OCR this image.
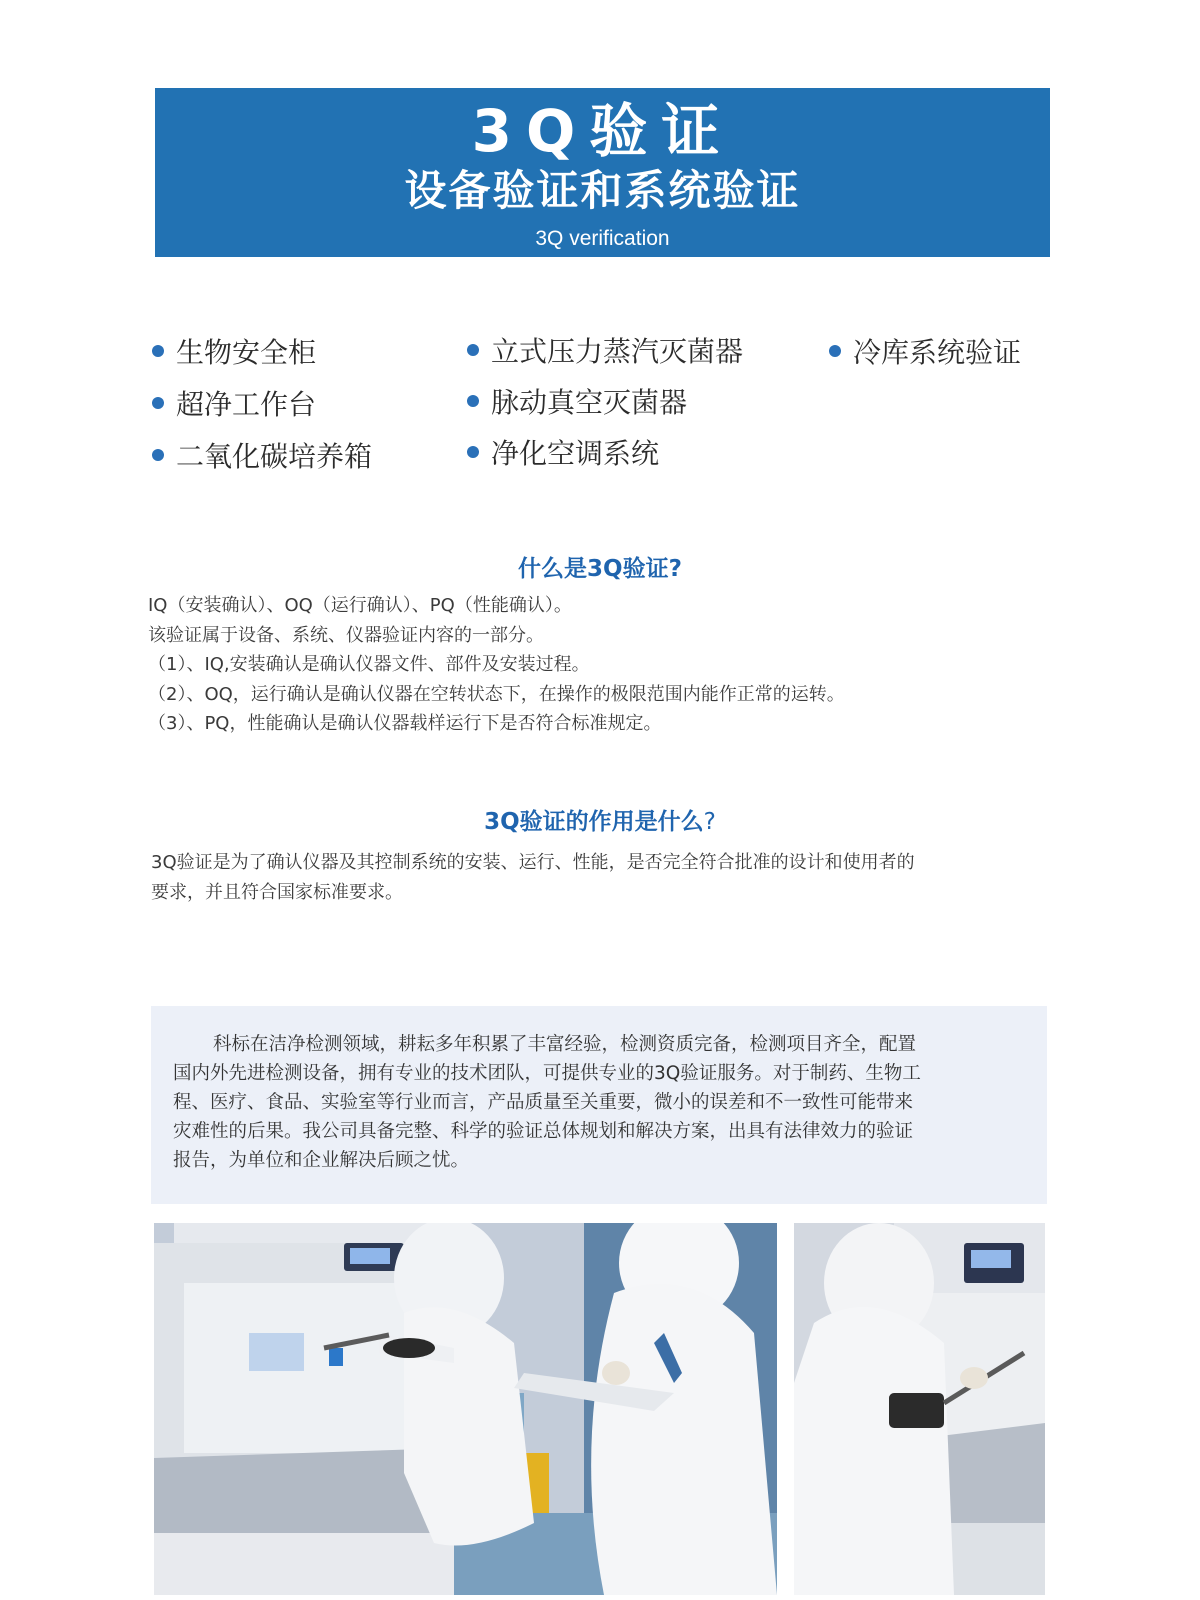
3Q验证
设备验证和系统验证
3Q verification
生物安全柜
超净工作台
二氧化碳培养箱
立式压力蒸汽灭菌器
脉动真空灭菌器
净化空调系统
冷库系统验证
什么是3Q验证?
IQ（安装确认）、OQ（运行确认）、PQ（性能确认）。
该验证属于设备、系统、仪器验证内容的一部分。
（1）、IQ,安装确认是确认仪器文件、部件及安装过程。
（2）、OQ，运行确认是确认仪器在空转状态下，在操作的极限范围内能作正常的运转。
（3）、PQ，性能确认是确认仪器载样运行下是否符合标准规定。
3Q验证的作用是什么?
3Q验证是为了确认仪器及其控制系统的安装、运行、性能，是否完全符合批准的设计和使用者的
要求，并且符合国家标准要求。
科标在洁净检测领域，耕耘多年积累了丰富经验，检测资质完备，检测项目齐全，配置
国内外先进检测设备，拥有专业的技术团队，可提供专业的3Q验证服务。对于制药、生物工
程、医疗、食品、实验室等行业而言，产品质量至关重要，微小的误差和不一致性可能带来
灾难性的后果。我公司具备完整、科学的验证总体规划和解决方案，出具有法律效力的验证
报告，为单位和企业解决后顾之忧。
